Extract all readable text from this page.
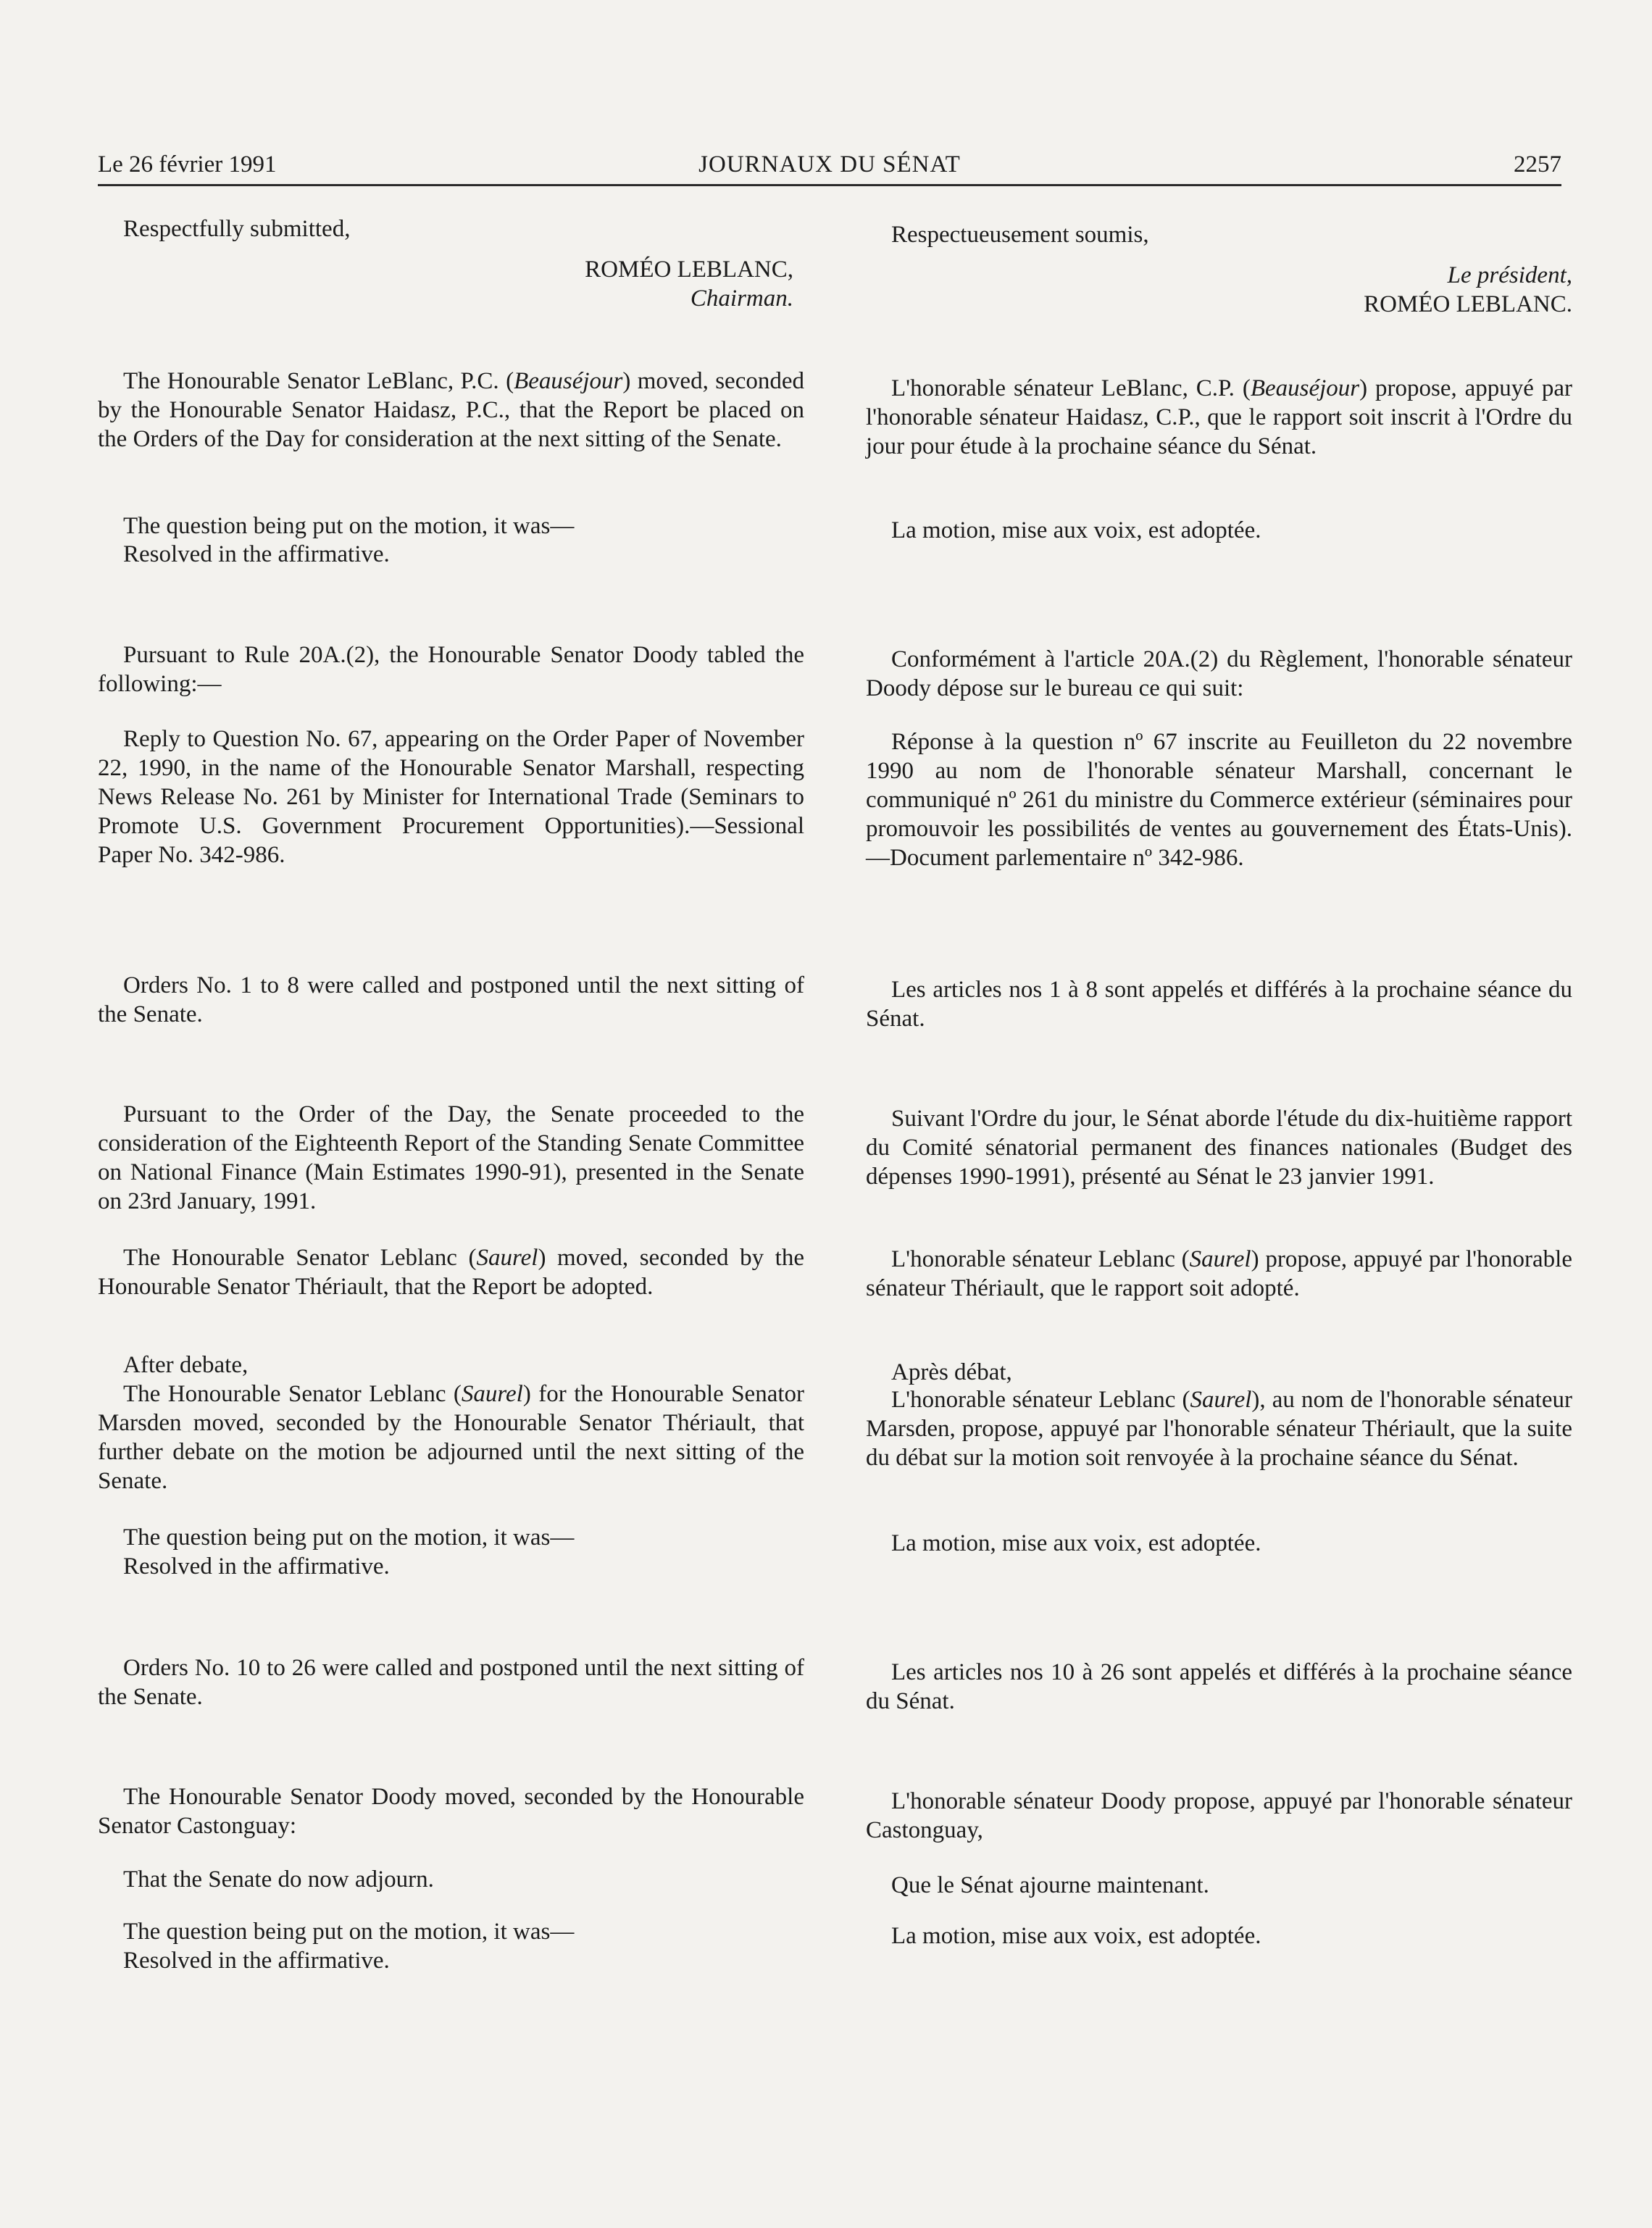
Le 26 février 1991	JOURNAUX DU SÉNAT	2257

Respectfully submitted,

ROMÉO LEBLANC,

Chairman.

The Honourable Senator LeBlanc, P.C. (Beauséjour) moved, seconded by the Honourable Senator Haidasz, P.C., that the Report be placed on the Orders of the Day for consideration at the next sitting of the Senate.

The question being put on the motion, it was—

Resolved in the affirmative.

Pursuant to Rule 20A.(2), the Honourable Senator Doody tabled the following:—

Reply to Question No. 67, appearing on the Order Paper of November 22, 1990, in the name of the Honourable Senator Marshall, respecting News Release No. 261 by Minister for International Trade (Seminars to Promote U.S. Government Procurement Opportunities).—Sessional Paper No. 342-986.

Orders No. 1 to 8 were called and postponed until the next sitting of the Senate.

Pursuant to the Order of the Day, the Senate proceeded to the consideration of the Eighteenth Report of the Standing Senate Committee on National Finance (Main Estimates 1990-91), presented in the Senate on 23rd January, 1991.

The Honourable Senator Leblanc (Saurel) moved, seconded by the Honourable Senator Thériault, that the Report be adopted.

After debate,

The Honourable Senator Leblanc (Saurel) for the Honourable Senator Marsden moved, seconded by the Honourable Senator Thériault, that further debate on the motion be adjourned until the next sitting of the Senate.

The question being put on the motion, it was—

Resolved in the affirmative.

Orders No. 10 to 26 were called and postponed until the next sitting of the Senate.

The Honourable Senator Doody moved, seconded by the Honourable Senator Castonguay:

That the Senate do now adjourn.

The question being put on the motion, it was—

Resolved in the affirmative.

Respectueusement soumis,

Le président,

ROMÉO LEBLANC.

L'honorable sénateur LeBlanc, C.P. (Beauséjour) propose, appuyé par l'honorable sénateur Haidasz, C.P., que le rapport soit inscrit à l'Ordre du jour pour étude à la prochaine séance du Sénat.

La motion, mise aux voix, est adoptée.

Conformément à l'article 20A.(2) du Règlement, l'honorable sénateur Doody dépose sur le bureau ce qui suit:

Réponse à la question nº 67 inscrite au Feuilleton du 22 novembre 1990 au nom de l'honorable sénateur Marshall, concernant le communiqué nº 261 du ministre du Commerce extérieur (séminaires pour promouvoir les possibilités de ventes au gouvernement des États-Unis).—Document parlementaire nº 342-986.

Les articles nos 1 à 8 sont appelés et différés à la prochaine séance du Sénat.

Suivant l'Ordre du jour, le Sénat aborde l'étude du dix-huitième rapport du Comité sénatorial permanent des finances nationales (Budget des dépenses 1990-1991), présenté au Sénat le 23 janvier 1991.

L'honorable sénateur Leblanc (Saurel) propose, appuyé par l'honorable sénateur Thériault, que le rapport soit adopté.

Après débat,

L'honorable sénateur Leblanc (Saurel), au nom de l'honorable sénateur Marsden, propose, appuyé par l'honorable sénateur Thériault, que la suite du débat sur la motion soit renvoyée à la prochaine séance du Sénat.

La motion, mise aux voix, est adoptée.

Les articles nos 10 à 26 sont appelés et différés à la prochaine séance du Sénat.

L'honorable sénateur Doody propose, appuyé par l'honorable sénateur Castonguay,

Que le Sénat ajourne maintenant.

La motion, mise aux voix, est adoptée.
